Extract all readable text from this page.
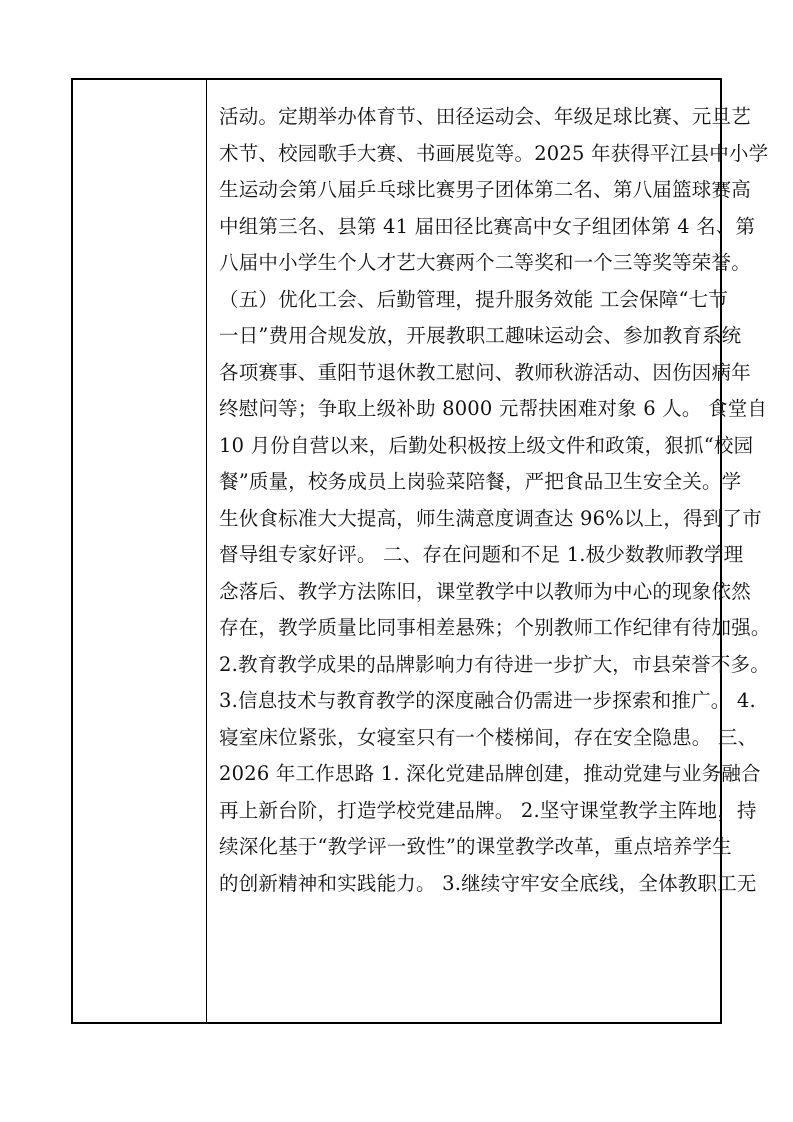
活动。定期举办体育节、田径运动会、年级足球比赛、元旦艺
术节、校园歌手大赛、书画展览等。2025 年获得平江县中小学
生运动会第八届乒乓球比赛男子团体第二名、第八届篮球赛高
中组第三名、县第 41 届田径比赛高中女子组团体第 4 名、第
八届中小学生个人才艺大赛两个二等奖和一个三等奖等荣誉。
（五）优化工会、后勤管理，提升服务效能 工会保障“七节
一日”费用合规发放，开展教职工趣味运动会、参加教育系统
各项赛事、重阳节退休教工慰问、教师秋游活动、因伤因病年
终慰问等；争取上级补助 8000 元帮扶困难对象 6 人。 食堂自
10 月份自营以来，后勤处积极按上级文件和政策，狠抓“校园
餐”质量，校务成员上岗验菜陪餐，严把食品卫生安全关。学
生伙食标准大大提高，师生满意度调查达 96%以上，得到了市
督导组专家好评。 二、存在问题和不足 1.极少数教师教学理
念落后、教学方法陈旧，课堂教学中以教师为中心的现象依然
存在，教学质量比同事相差悬殊；个别教师工作纪律有待加强。
2.教育教学成果的品牌影响力有待进一步扩大，市县荣誉不多。
3.信息技术与教育教学的深度融合仍需进一步探索和推广。 4.
寝室床位紧张，女寝室只有一个楼梯间，存在安全隐患。 三、
2026 年工作思路 1. 深化党建品牌创建，推动党建与业务融合
再上新台阶，打造学校党建品牌。 2.坚守课堂教学主阵地，持
续深化基于“教学评一致性”的课堂教学改革，重点培养学生
的创新精神和实践能力。 3.继续守牢安全底线，全体教职工无
